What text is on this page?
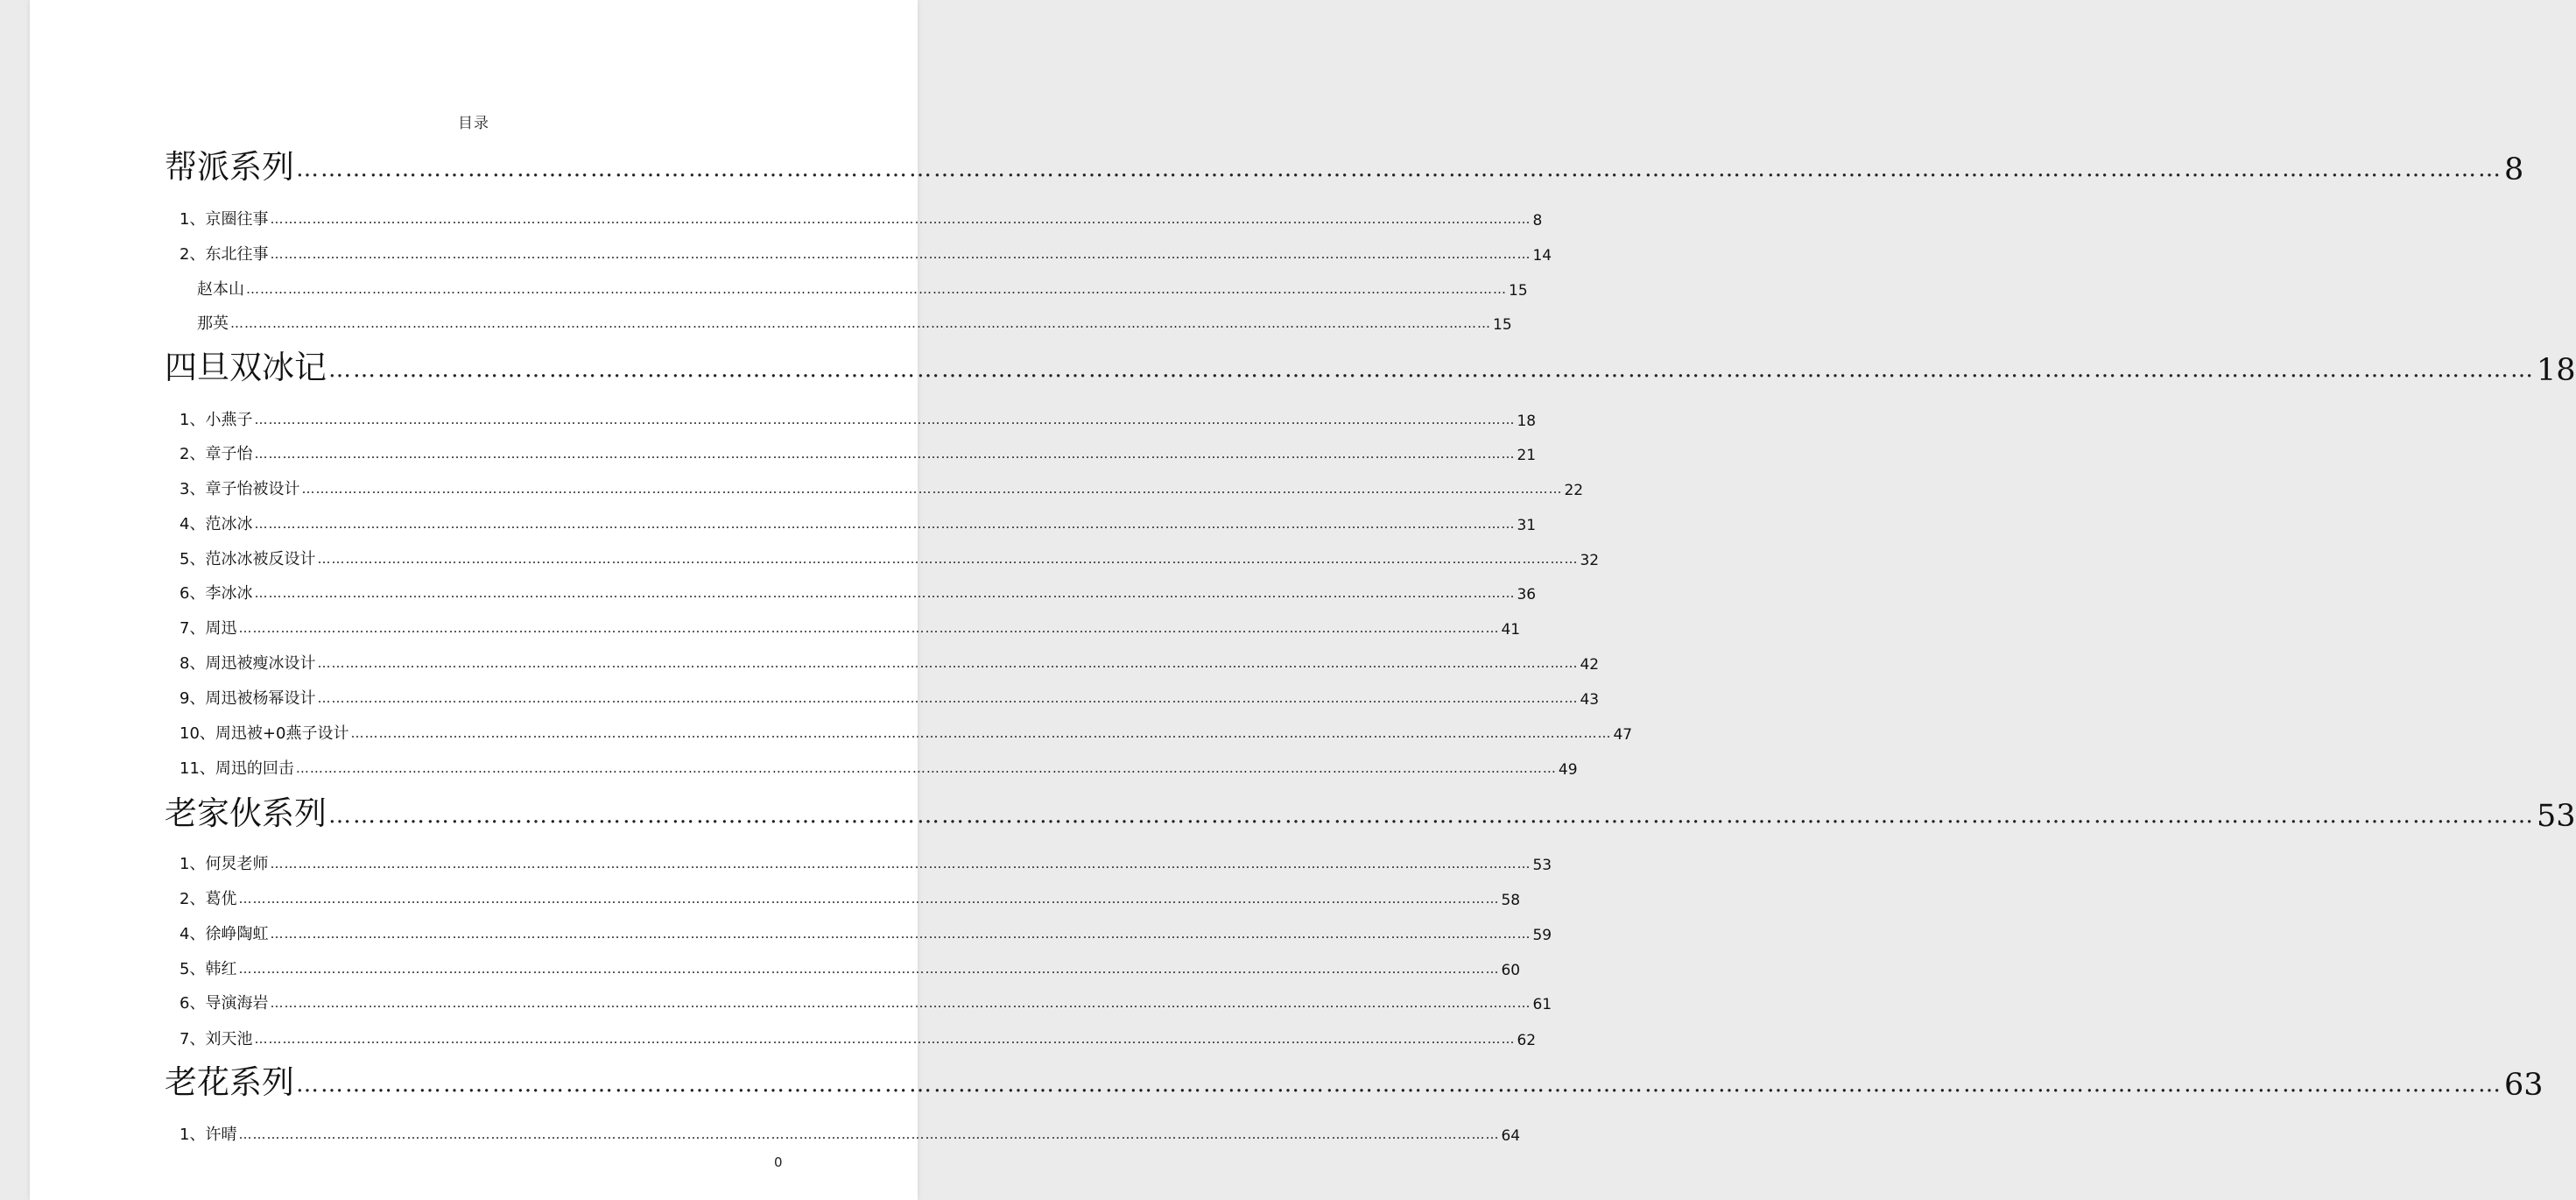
目录
帮派系列 ……………………………………………………………………………………………………………………………………………………………………………………………………………………………………………… 8
1、京圈往事 ……………………………………………………………………………………………………………………………………………………………………………………………………………………………………………… 8
2、东北往事 ……………………………………………………………………………………………………………………………………………………………………………………………………………………………………………… 14
赵本山 ……………………………………………………………………………………………………………………………………………………………………………………………………………………………………………… 15
那英 ……………………………………………………………………………………………………………………………………………………………………………………………………………………………………………… 15
四旦双冰记 ……………………………………………………………………………………………………………………………………………………………………………………………………………………………………………… 18
1、小燕子 ……………………………………………………………………………………………………………………………………………………………………………………………………………………………………………… 18
2、章子怡 ……………………………………………………………………………………………………………………………………………………………………………………………………………………………………………… 21
3、章子怡被设计 ……………………………………………………………………………………………………………………………………………………………………………………………………………………………………………… 22
4、范冰冰 ……………………………………………………………………………………………………………………………………………………………………………………………………………………………………………… 31
5、范冰冰被反设计 ……………………………………………………………………………………………………………………………………………………………………………………………………………………………………………… 32
6、李冰冰 ……………………………………………………………………………………………………………………………………………………………………………………………………………………………………………… 36
7、周迅 ……………………………………………………………………………………………………………………………………………………………………………………………………………………………………………… 41
8、周迅被瘦冰设计 ……………………………………………………………………………………………………………………………………………………………………………………………………………………………………………… 42
9、周迅被杨幂设计 ……………………………………………………………………………………………………………………………………………………………………………………………………………………………………………… 43
10、周迅被+0燕子设计 ……………………………………………………………………………………………………………………………………………………………………………………………………………………………………………… 47
11、周迅的回击 ……………………………………………………………………………………………………………………………………………………………………………………………………………………………………………… 49
老家伙系列 ……………………………………………………………………………………………………………………………………………………………………………………………………………………………………………… 53
1、何炅老师 ……………………………………………………………………………………………………………………………………………………………………………………………………………………………………………… 53
2、葛优 ……………………………………………………………………………………………………………………………………………………………………………………………………………………………………………… 58
4、徐峥陶虹 ……………………………………………………………………………………………………………………………………………………………………………………………………………………………………………… 59
5、韩红 ……………………………………………………………………………………………………………………………………………………………………………………………………………………………………………… 60
6、导演海岩 ……………………………………………………………………………………………………………………………………………………………………………………………………………………………………………… 61
7、刘天池 ……………………………………………………………………………………………………………………………………………………………………………………………………………………………………………… 62
老花系列 ……………………………………………………………………………………………………………………………………………………………………………………………………………………………………………… 63
1、许晴 ……………………………………………………………………………………………………………………………………………………………………………………………………………………………………………… 64
0
